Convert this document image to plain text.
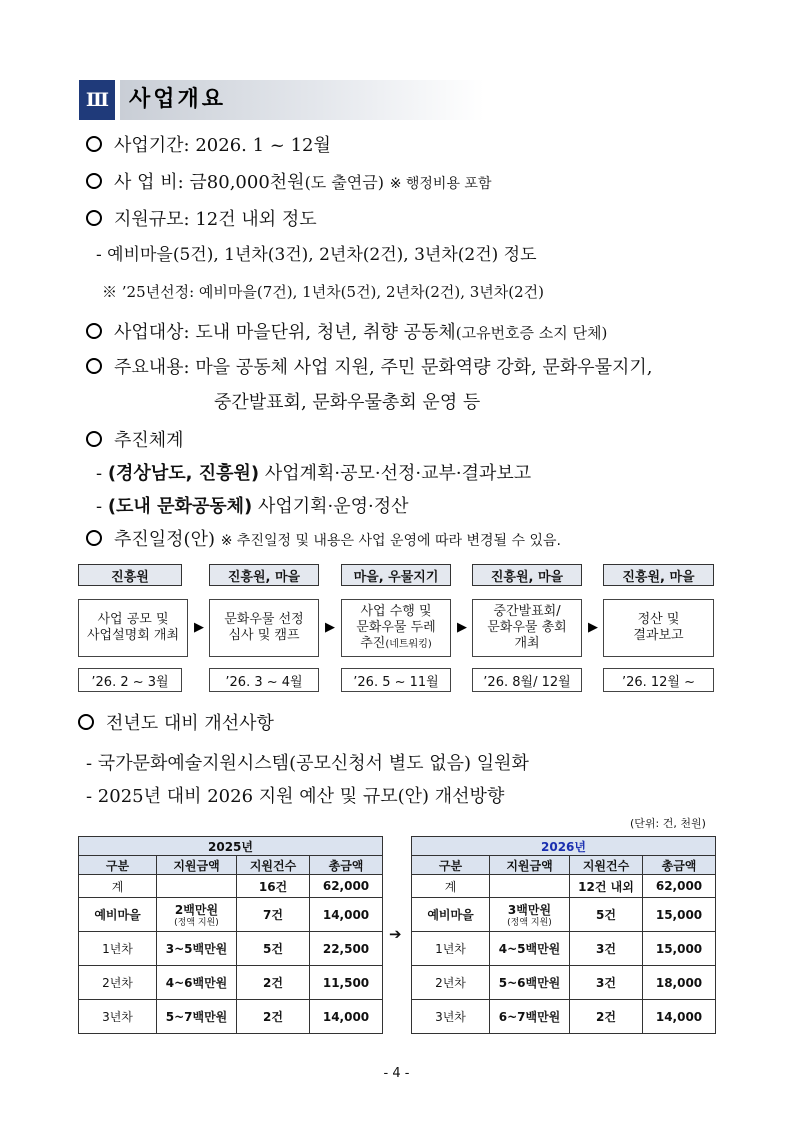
Ⅲ 사업개요
사업기간: 2026. 1 ~ 12월
사 업 비: 금80,000천원(도 출연금) ※ 행정비용 포함
지원규모: 12건 내외 정도
- 예비마을(5건), 1년차(3건), 2년차(2건), 3년차(2건) 정도
※ ’25년선정: 예비마을(7건), 1년차(5건), 2년차(2건), 3년차(2건)
사업대상: 도내 마을단위, 청년, 취향 공동체(고유번호증 소지 단체)
주요내용: 마을 공동체 사업 지원, 주민 문화역량 강화, 문화우물지기,
중간발표회, 문화우물총회 운영 등
추진체계
- (경상남도, 진흥원) 사업계획·공모·선정·교부·결과보고
- (도내 문화공동체) 사업기획·운영·정산
추진일정(안) ※ 추진일정 및 내용은 사업 운영에 따라 변경될 수 있음.
진흥원	진흥원, 마을	마을, 우물지기	진흥원, 마을	진흥원, 마을
사업 공모 및
사업설명회 개최
▶
문화우물 선정
심사 및 캠프
▶
사업 수행 및
문화우물 두레
추진(네트워킹)
▶
중간발표회/
문화우물 총회
개최
▶
정산 및
결과보고
’26. 2 ~ 3월	’26. 3 ~ 4월	’26. 5 ~ 11월	’26. 8월/ 12월	’26. 12월 ~
전년도 대비 개선사항
- 국가문화예술지원시스템(공모신청서 별도 없음) 일원화
- 2025년 대비 2026 지원 예산 및 규모(안) 개선방향
(단위: 건, 천원)
2025년			
구분	지원금액	지원건수	총금액
계		16건	62,000
예비마을	2백만원
(정액 지원)	7건	14,000
1년차	3~5백만원	5건	22,500
2년차	4~6백만원	2건	11,500
3년차	5~7백만원	2건	14,000
➔
2026년			
구분	지원금액	지원건수	총금액
계		12건 내외	62,000
예비마을	3백만원
(정액 지원)	5건	15,000
1년차	4~5백만원	3건	15,000
2년차	5~6백만원	3건	18,000
3년차	6~7백만원	2건	14,000
- 4 -
